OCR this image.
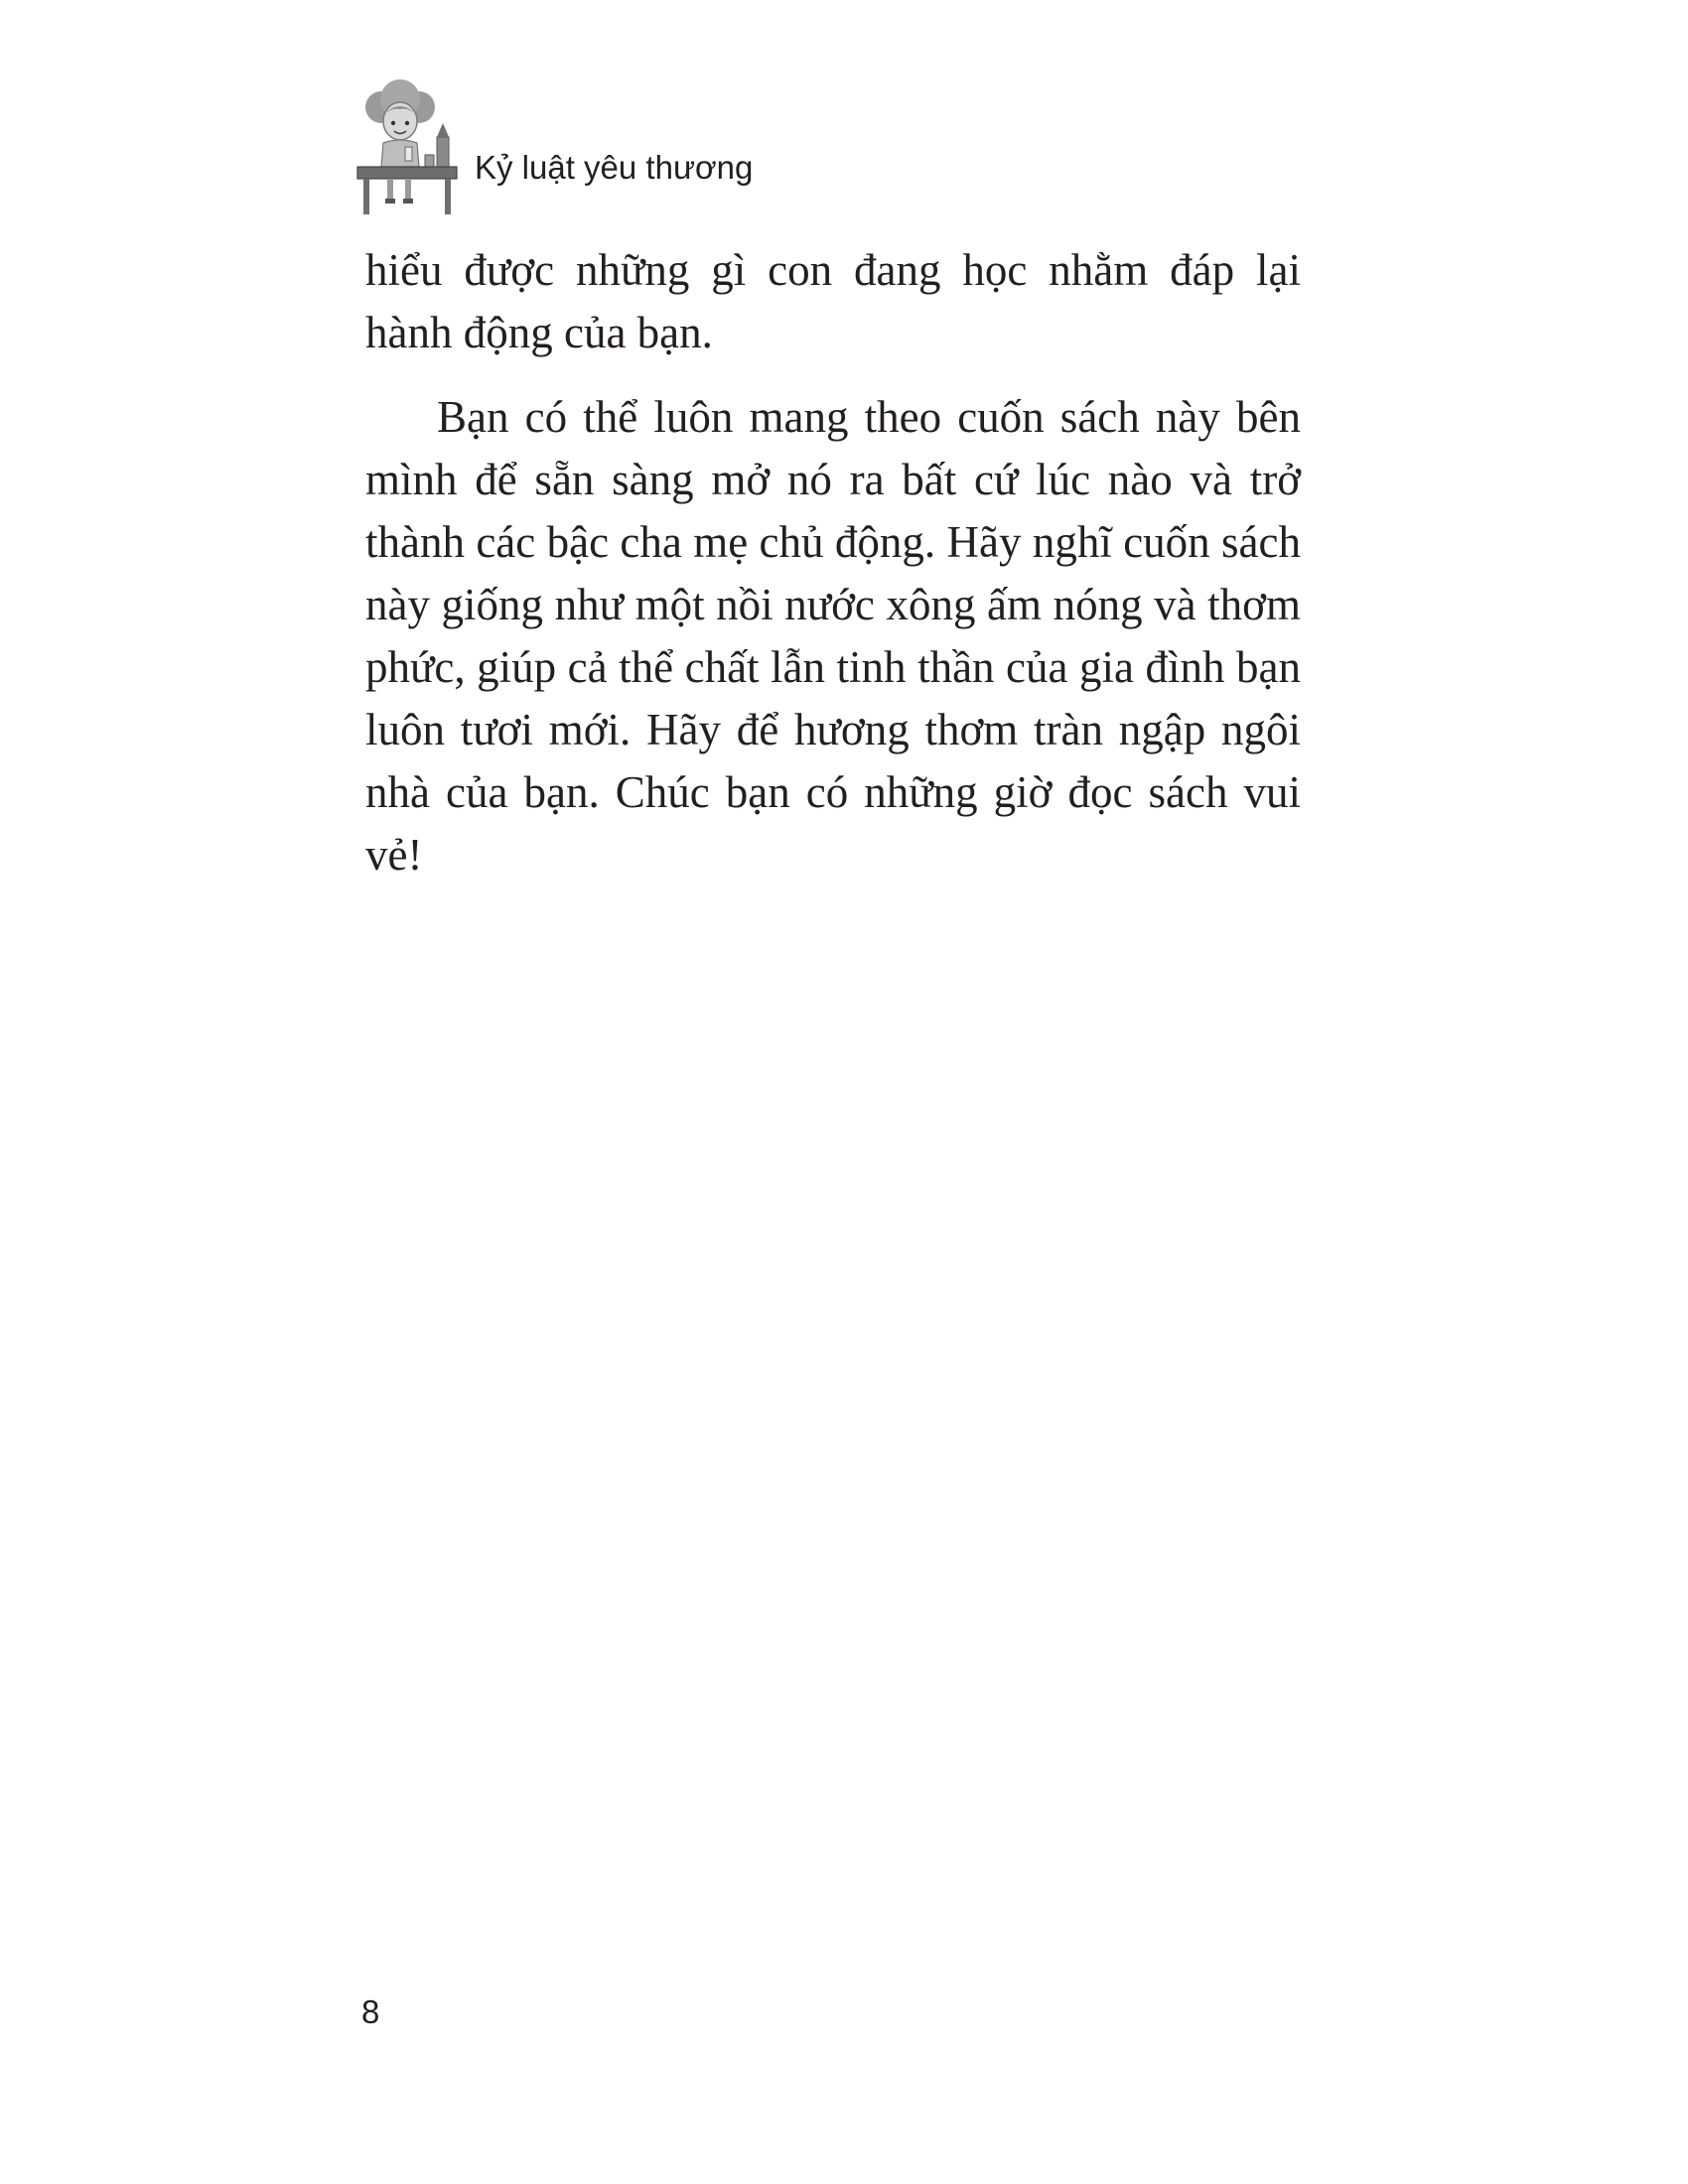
Kỷ luật yêu thương

hiểu được những gì con đang học nhằm đáp lại hành động của bạn.

Bạn có thể luôn mang theo cuốn sách này bên mình để sẵn sàng mở nó ra bất cứ lúc nào và trở thành các bậc cha mẹ chủ động. Hãy nghĩ cuốn sách này giống như một nồi nước xông ấm nóng và thơm phức, giúp cả thể chất lẫn tinh thần của gia đình bạn luôn tươi mới. Hãy để hương thơm tràn ngập ngôi nhà của bạn. Chúc bạn có những giờ đọc sách vui vẻ!

8
